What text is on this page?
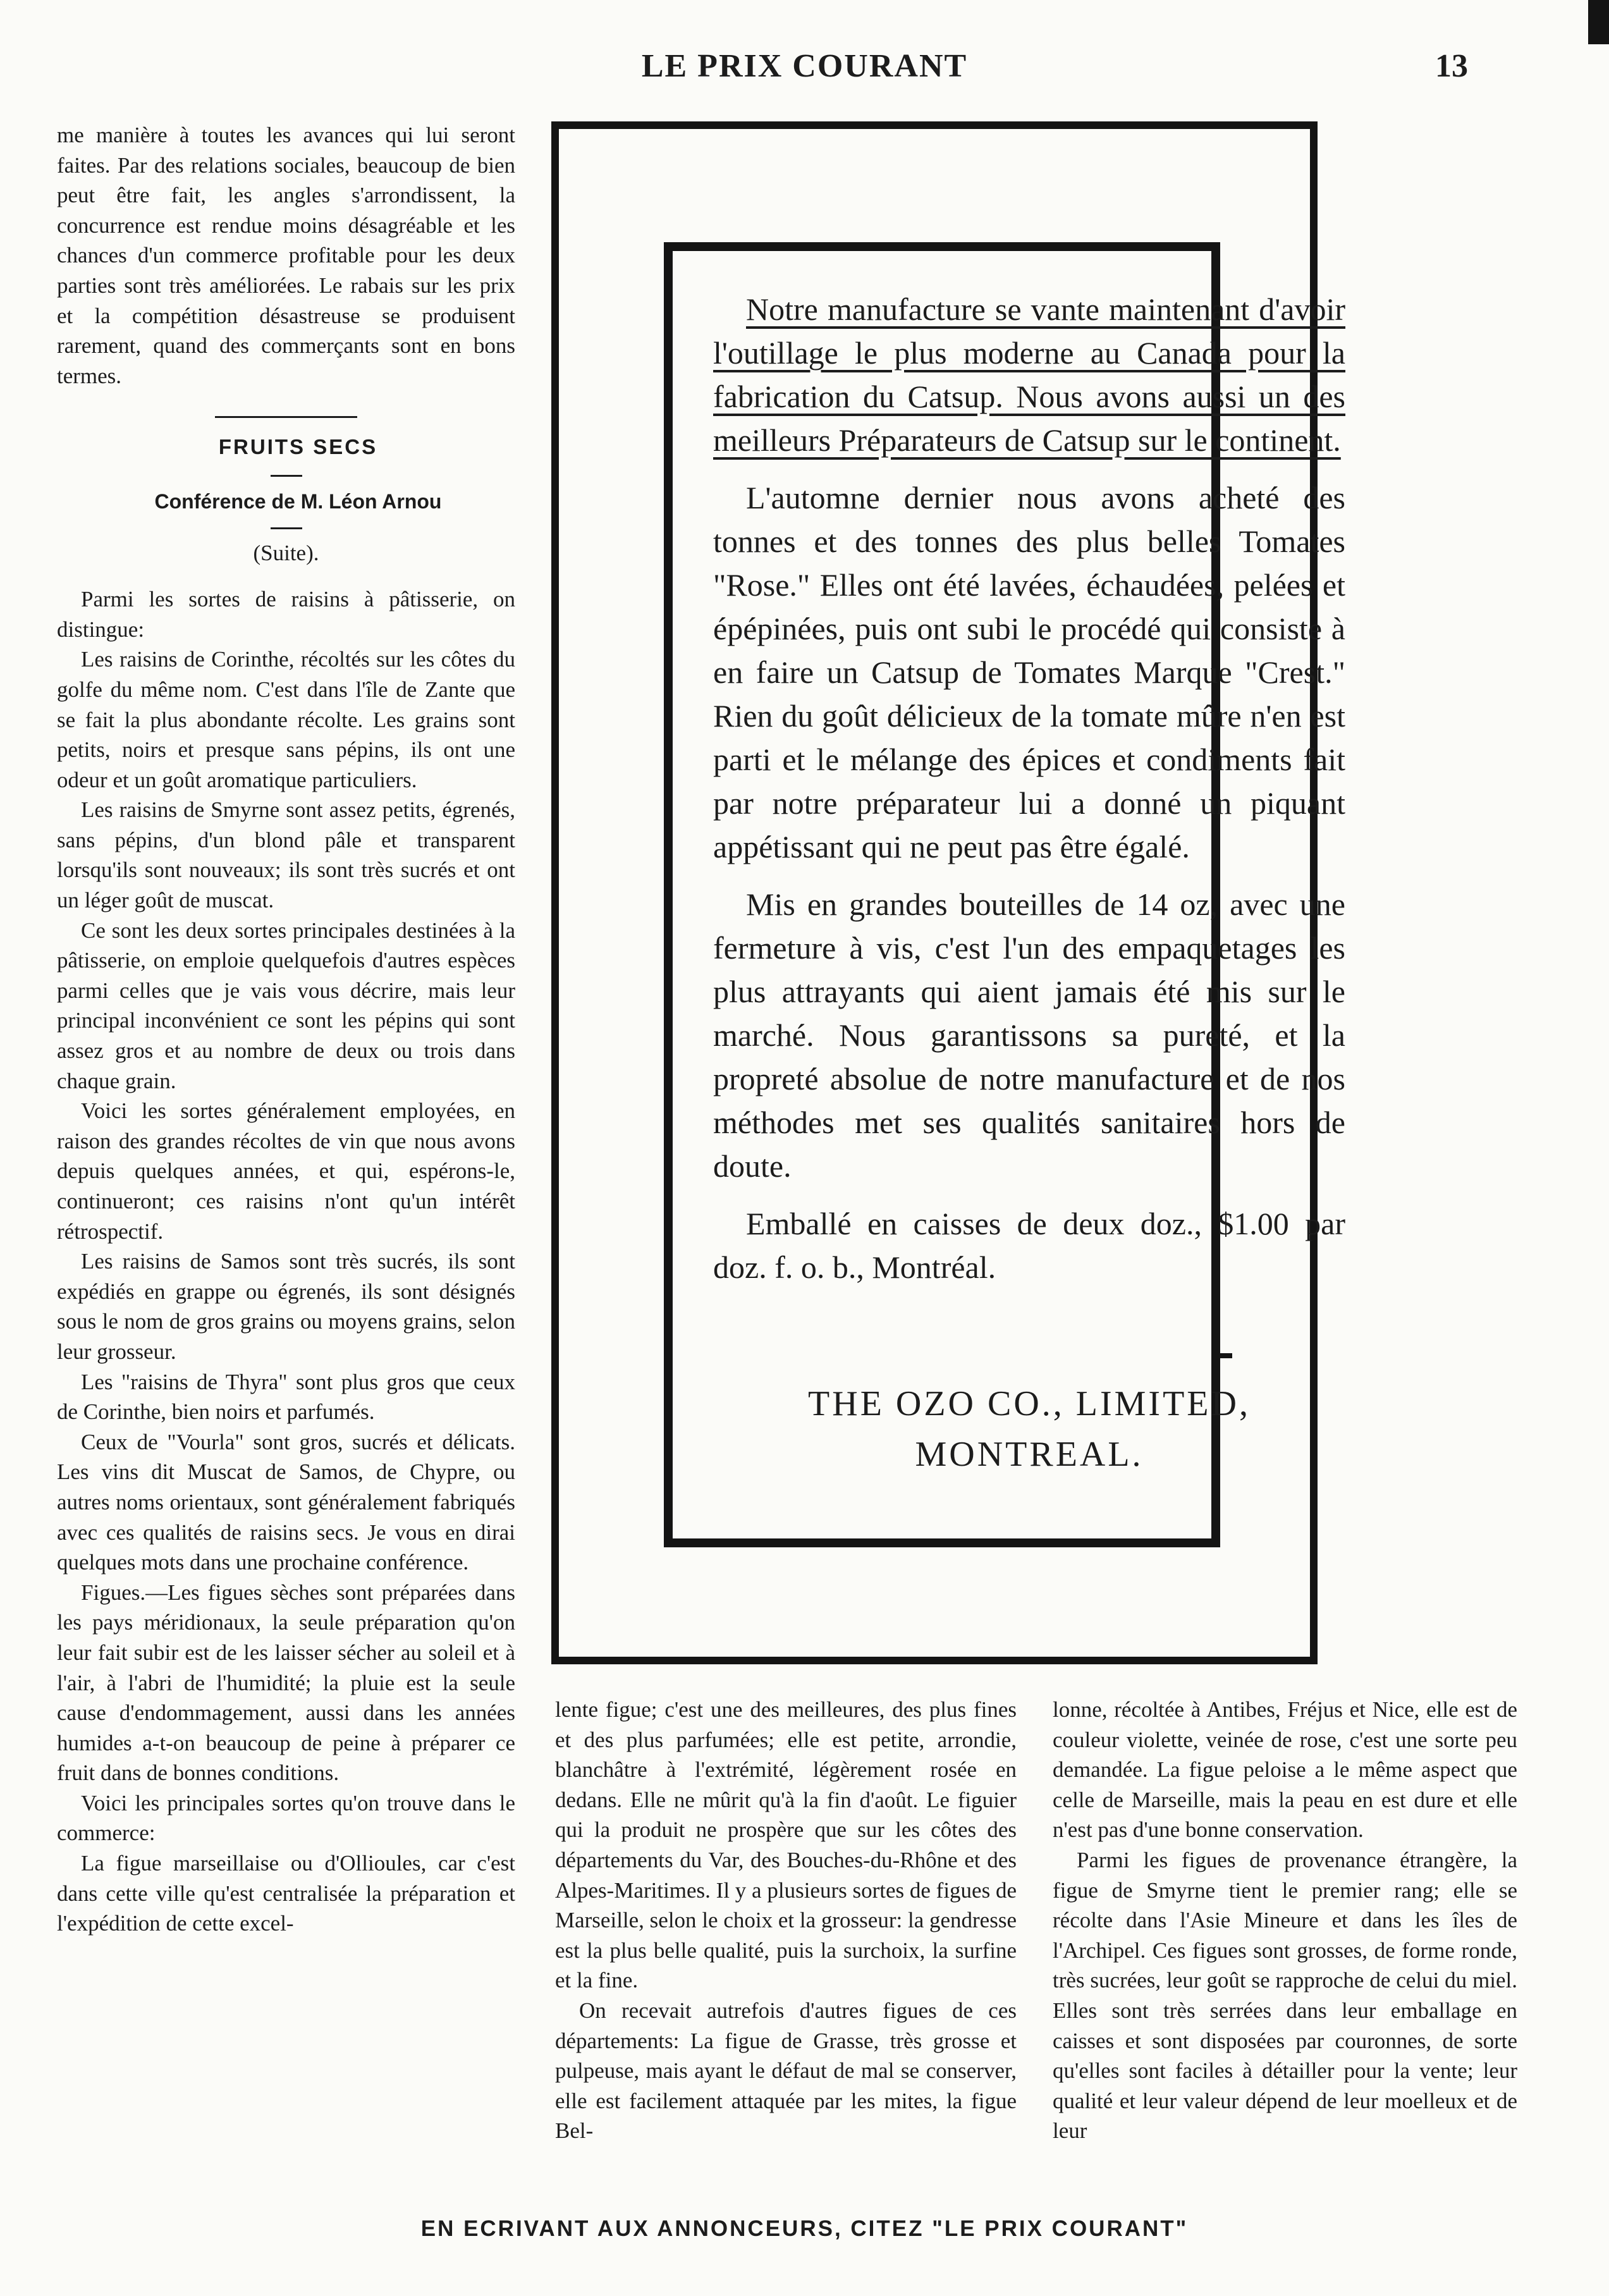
LE PRIX COURANT	13

me manière à toutes les avances qui lui seront faites. Par des relations sociales, beaucoup de bien peut être fait, les angles s'arrondissent, la concurrence est rendue moins désagréable et les chances d'un commerce profitable pour les deux parties sont très améliorées. Le rabais sur les prix et la compétition désastreuse se produisent rarement, quand des commerçants sont en bons termes.

FRUITS SECS

Conférence de M. Léon Arnou

(Suite).

Parmi les sortes de raisins à pâtisserie, on distingue:

Les raisins de Corinthe, récoltés sur les côtes du golfe du même nom. C'est dans l'île de Zante que se fait la plus abondante récolte. Les grains sont petits, noirs et presque sans pépins, ils ont une odeur et un goût aromatique particuliers.

Les raisins de Smyrne sont assez petits, égrenés, sans pépins, d'un blond pâle et transparent lorsqu'ils sont nouveaux; ils sont très sucrés et ont un léger goût de muscat.

Ce sont les deux sortes principales destinées à la pâtisserie, on emploie quelquefois d'autres espèces parmi celles que je vais vous décrire, mais leur principal inconvénient ce sont les pépins qui sont assez gros et au nombre de deux ou trois dans chaque grain.

Voici les sortes généralement employées, en raison des grandes récoltes de vin que nous avons depuis quelques années, et qui, espérons-le, continueront; ces raisins n'ont qu'un intérêt rétrospectif.

Les raisins de Samos sont très sucrés, ils sont expédiés en grappe ou égrenés, ils sont désignés sous le nom de gros grains ou moyens grains, selon leur grosseur.

Les "raisins de Thyra" sont plus gros que ceux de Corinthe, bien noirs et parfumés.

Ceux de "Vourla" sont gros, sucrés et délicats. Les vins dit Muscat de Samos, de Chypre, ou autres noms orientaux, sont généralement fabriqués avec ces qualités de raisins secs. Je vous en dirai quelques mots dans une prochaine conférence.

Figues.—Les figues sèches sont préparées dans les pays méridionaux, la seule préparation qu'on leur fait subir est de les laisser sécher au soleil et à l'air, à l'abri de l'humidité; la pluie est la seule cause d'endommagement, aussi dans les années humides a-t-on beaucoup de peine à préparer ce fruit dans de bonnes conditions.

Voici les principales sortes qu'on trouve dans le commerce:

La figue marseillaise ou d'Ollioules, car c'est dans cette ville qu'est centralisée la préparation et l'expédition de cette excel-

Notre manufacture se vante maintenant d'avoir l'outillage le plus moderne au Canada pour la fabrication du Catsup. Nous avons aussi un des meilleurs Préparateurs de Catsup sur le continent.

L'automne dernier nous avons acheté des tonnes et des tonnes des plus belles Tomates "Rose." Elles ont été lavées, échaudées, pelées et épépinées, puis ont subi le procédé qui consiste à en faire un Catsup de Tomates Marque "Crest." Rien du goût délicieux de la tomate mûre n'en est parti et le mélange des épices et condiments fait par notre préparateur lui a donné un piquant appétissant qui ne peut pas être égalé.

Mis en grandes bouteilles de 14 oz, avec une fermeture à vis, c'est l'un des empaquetages les plus attrayants qui aient jamais été mis sur le marché. Nous garantissons sa pureté, et la propreté absolue de notre manufacture et de nos méthodes met ses qualités sanitaires hors de doute.

Emballé en caisses de deux doz., $1.00 par doz. f. o. b., Montréal.

THE OZO CO., LIMITED,
MONTREAL.

lente figue; c'est une des meilleures, des plus fines et des plus parfumées; elle est petite, arrondie, blanchâtre à l'extrémité, légèrement rosée en dedans. Elle ne mûrit qu'à la fin d'août. Le figuier qui la produit ne prospère que sur les côtes des départements du Var, des Bouches-du-Rhône et des Alpes-Maritimes. Il y a plusieurs sortes de figues de Marseille, selon le choix et la grosseur: la gendresse est la plus belle qualité, puis la surchoix, la surfine et la fine.

On recevait autrefois d'autres figues de ces départements: La figue de Grasse, très grosse et pulpeuse, mais ayant le défaut de mal se conserver, elle est facilement attaquée par les mites, la figue Bel-

lonne, récoltée à Antibes, Fréjus et Nice, elle est de couleur violette, veinée de rose, c'est une sorte peu demandée. La figue peloise a le même aspect que celle de Marseille, mais la peau en est dure et elle n'est pas d'une bonne conservation.

Parmi les figues de provenance étrangère, la figue de Smyrne tient le premier rang; elle se récolte dans l'Asie Mineure et dans les îles de l'Archipel. Ces figues sont grosses, de forme ronde, très sucrées, leur goût se rapproche de celui du miel. Elles sont très serrées dans leur emballage en caisses et sont disposées par couronnes, de sorte qu'elles sont faciles à détailler pour la vente; leur qualité et leur valeur dépend de leur moelleux et de leur

EN ECRIVANT AUX ANNONCEURS, CITEZ "LE PRIX COURANT"
